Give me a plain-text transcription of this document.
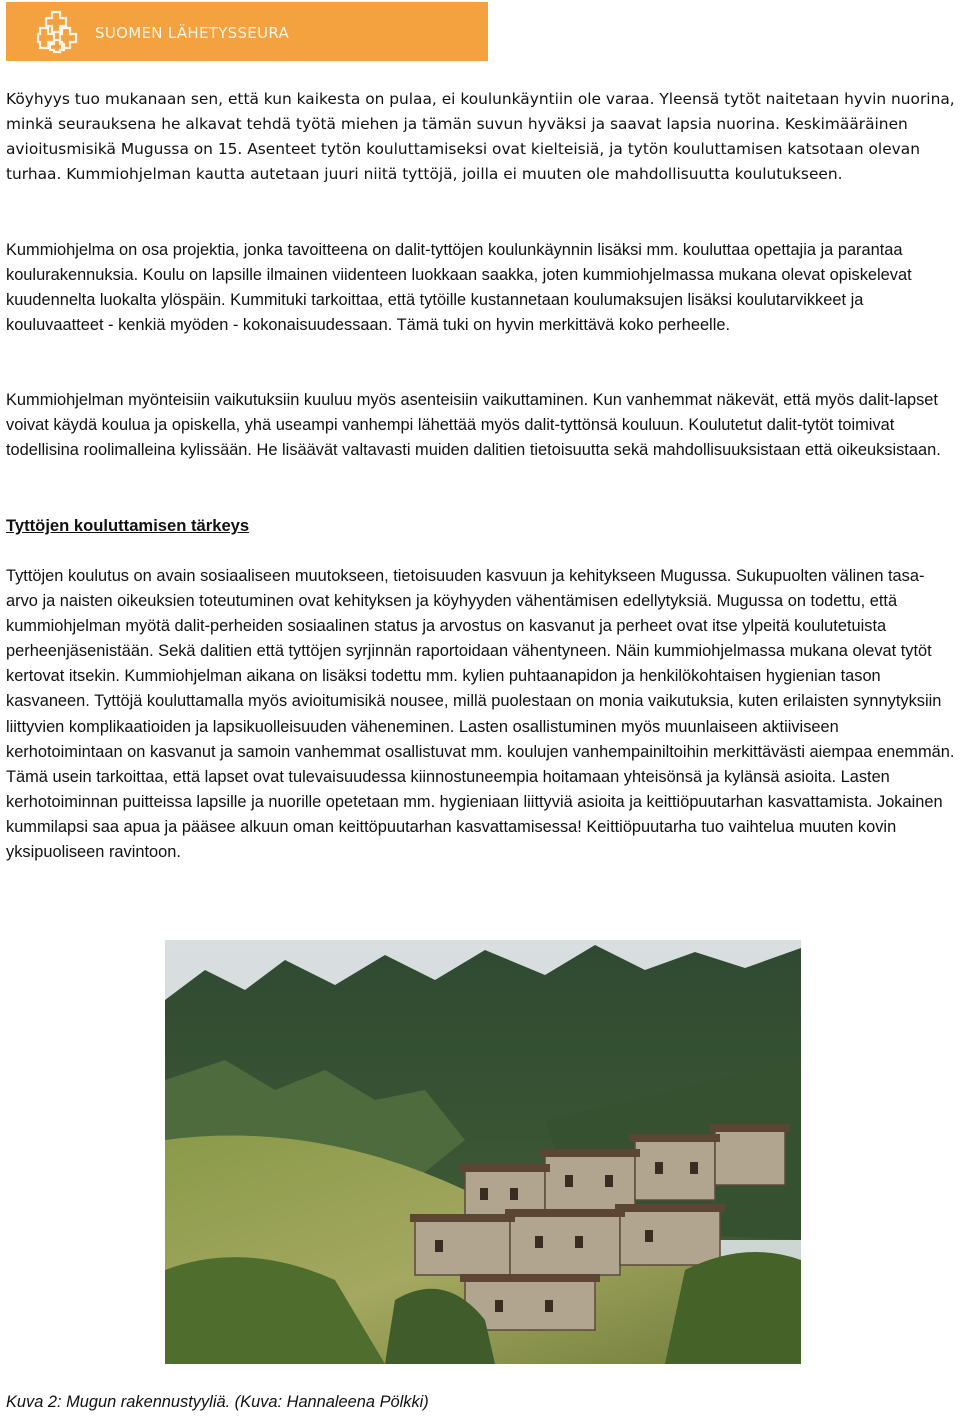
SUOMEN LÄHETYSSEURA

Köyhyys tuo mukanaan sen, että kun kaikesta on pulaa, ei koulunkäyntiin ole varaa. Yleensä tytöt naitetaan hyvin nuorina, minkä seurauksena he alkavat tehdä työtä miehen ja tämän suvun hyväksi ja saavat lapsia nuorina. Keskimääräinen avioitusmisikä Mugussa on 15. Asenteet tytön kouluttamiseksi ovat kielteisiä, ja tytön kouluttamisen katsotaan olevan turhaa. Kummiohjelman kautta autetaan juuri niitä tyttöjä, joilla ei muuten ole mahdollisuutta koulutukseen.

Kummiohjelma on osa projektia, jonka tavoitteena on dalit-tyttöjen koulunkäynnin lisäksi mm. kouluttaa opettajia ja parantaa koulurakennuksia. Koulu on lapsille ilmainen viidenteen luokkaan saakka, joten kummiohjelmassa mukana olevat opiskelevat kuudennelta luokalta ylöspäin. Kummituki tarkoittaa, että tytöille kustannetaan koulumaksujen lisäksi koulutarvikkeet ja kouluvaatteet - kenkiä myöden - kokonaisuudessaan. Tämä tuki on hyvin merkittävä koko perheelle.

Kummiohjelman myönteisiin vaikutuksiin kuuluu myös asenteisiin vaikuttaminen. Kun vanhemmat näkevät, että myös dalit-lapset voivat käydä koulua ja opiskella, yhä useampi vanhempi lähettää myös dalit-tyttönsä kouluun. Koulutetut dalit-tytöt toimivat todellisina roolimalleina kylissään. He lisäävät valtavasti muiden dalitien tietoisuutta sekä mahdollisuuksistaan että oikeuksistaan.

Tyttöjen kouluttamisen tärkeys

Tyttöjen koulutus on avain sosiaaliseen muutokseen, tietoisuuden kasvuun ja kehitykseen Mugussa. Sukupuolten välinen tasa-arvo ja naisten oikeuksien toteutuminen ovat kehityksen ja köyhyyden vähentämisen edellytyksiä. Mugussa on todettu, että kummiohjelman myötä dalit-perheiden sosiaalinen status ja arvostus on kasvanut ja perheet ovat itse ylpeitä koulutetuista perheenjäsenistään. Sekä dalitien että tyttöjen syrjinnän raportoidaan vähentyneen. Näin kummiohjelmassa mukana olevat tytöt kertovat itsekin. Kummiohjelman aikana on lisäksi todettu mm. kylien puhtaanapidon ja henkilökohtaisen hygienian tason kasvaneen. Tyttöjä kouluttamalla myös avioitumisikä nousee, millä puolestaan on monia vaikutuksia, kuten erilaisten synnytyksiin liittyvien komplikaatioiden ja lapsikuolleisuuden väheneminen. Lasten osallistuminen myös muunlaiseen aktiiviseen kerhotoimintaan on kasvanut ja samoin vanhemmat osallistuvat mm. koulujen vanhempainiltoihin merkittävästi aiempaa enemmän. Tämä usein tarkoittaa, että lapset ovat tulevaisuudessa kiinnostuneempia hoitamaan yhteisönsä ja kylänsä asioita. Lasten kerhotoiminnan puitteissa lapsille ja nuorille opetetaan mm. hygieniaan liittyviä asioita ja keittiöpuutarhan kasvattamista. Jokainen kummilapsi saa apua ja pääsee alkuun oman keittöpuutarhan kasvattamisessa! Keittiöpuutarha tuo vaihtelua muuten kovin yksipuoliseen ravintoon.

Kuva 2: Mugun rakennustyyliä. (Kuva: Hannaleena Pölkki)
